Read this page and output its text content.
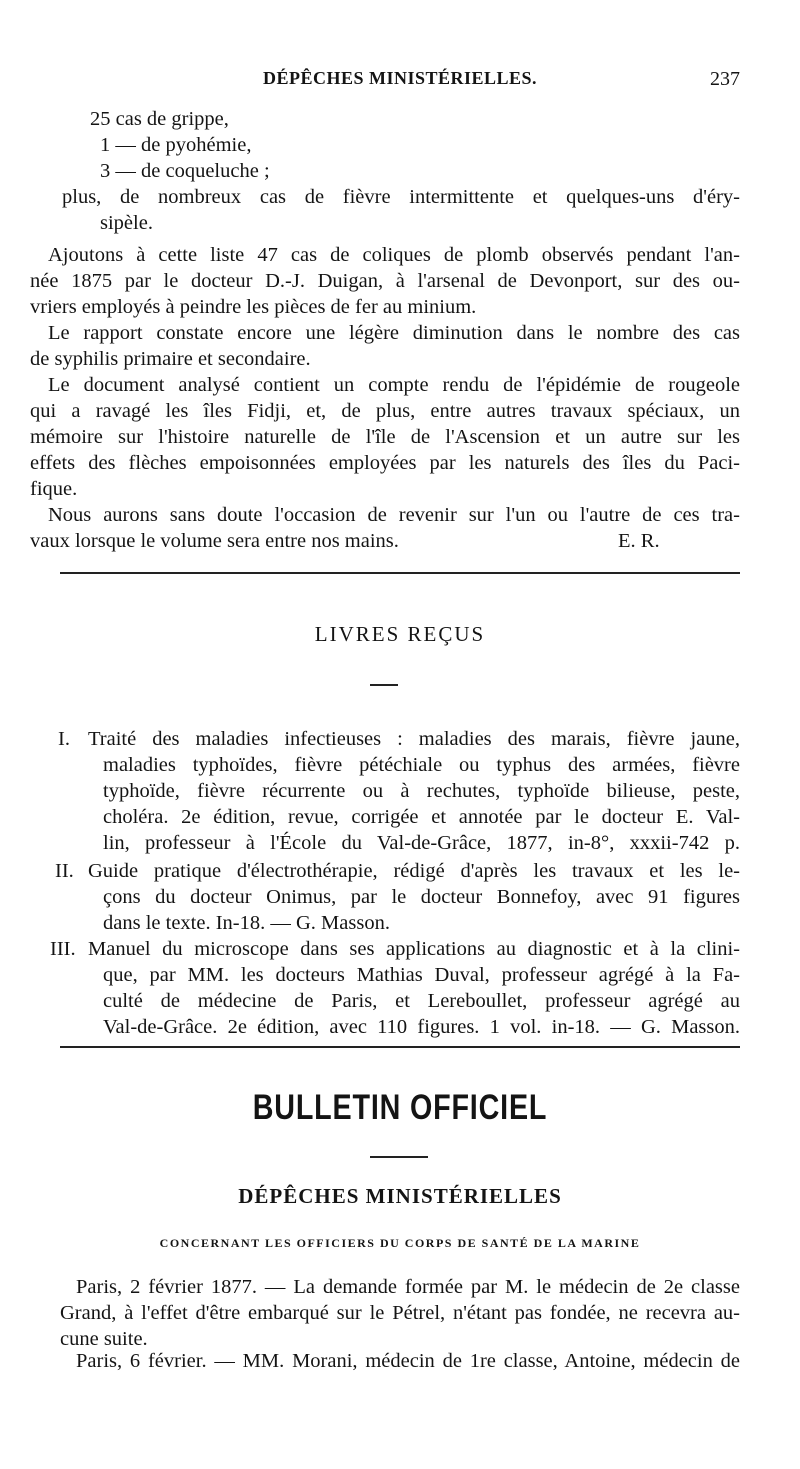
DÉPÊCHES MINISTÉRIELLES.	237
25 cas de grippe,
1 — de pyohémie,
3 — de coqueluche ;
plus, de nombreux cas de fièvre intermittente et quelques-uns d'éry-
sipèle.
Ajoutons à cette liste 47 cas de coliques de plomb observés pendant l'an-
née 1875 par le docteur D.-J. Duigan, à l'arsenal de Devonport, sur des ou-
vriers employés à peindre les pièces de fer au minium.
Le rapport constate encore une légère diminution dans le nombre des cas
de syphilis primaire et secondaire.
Le document analysé contient un compte rendu de l'épidémie de rougeole
qui a ravagé les îles Fidji, et, de plus, entre autres travaux spéciaux, un
mémoire sur l'histoire naturelle de l'île de l'Ascension et un autre sur les
effets des flèches empoisonnées employées par les naturels des îles du Paci-
fique.
Nous aurons sans doute l'occasion de revenir sur l'un ou l'autre de ces tra-
vaux lorsque le volume sera entre nos mains.	E. R.
LIVRES REÇUS
I. Traité des maladies infectieuses : maladies des marais, fièvre jaune,
maladies typhoïdes, fièvre pétéchiale ou typhus des armées, fièvre
typhoïde, fièvre récurrente ou à rechutes, typhoïde bilieuse, peste,
choléra. 2e édition, revue, corrigée et annotée par le docteur E. Val-
lin, professeur à l'École du Val-de-Grâce, 1877, in-8°, xxxii-742 p.
II. Guide pratique d'électrothérapie, rédigé d'après les travaux et les le-
çons du docteur Onimus, par le docteur Bonnefoy, avec 91 figures
dans le texte. In-18. — G. Masson.
III. Manuel du microscope dans ses applications au diagnostic et à la clini-
que, par MM. les docteurs Mathias Duval, professeur agrégé à la Fa-
culté de médecine de Paris, et Lereboullet, professeur agrégé au
Val-de-Grâce. 2e édition, avec 110 figures. 1 vol. in-18. — G. Masson.
BULLETIN OFFICIEL
DÉPÊCHES MINISTÉRIELLES
CONCERNANT LES OFFICIERS DU CORPS DE SANTÉ DE LA MARINE
Paris, 2 février 1877. — La demande formée par M. le médecin de 2e classe
Grand, à l'effet d'être embarqué sur le Pétrel, n'étant pas fondée, ne recevra au-
cune suite.
Paris, 6 février. — MM. Morani, médecin de 1re classe, Antoine, médecin de
